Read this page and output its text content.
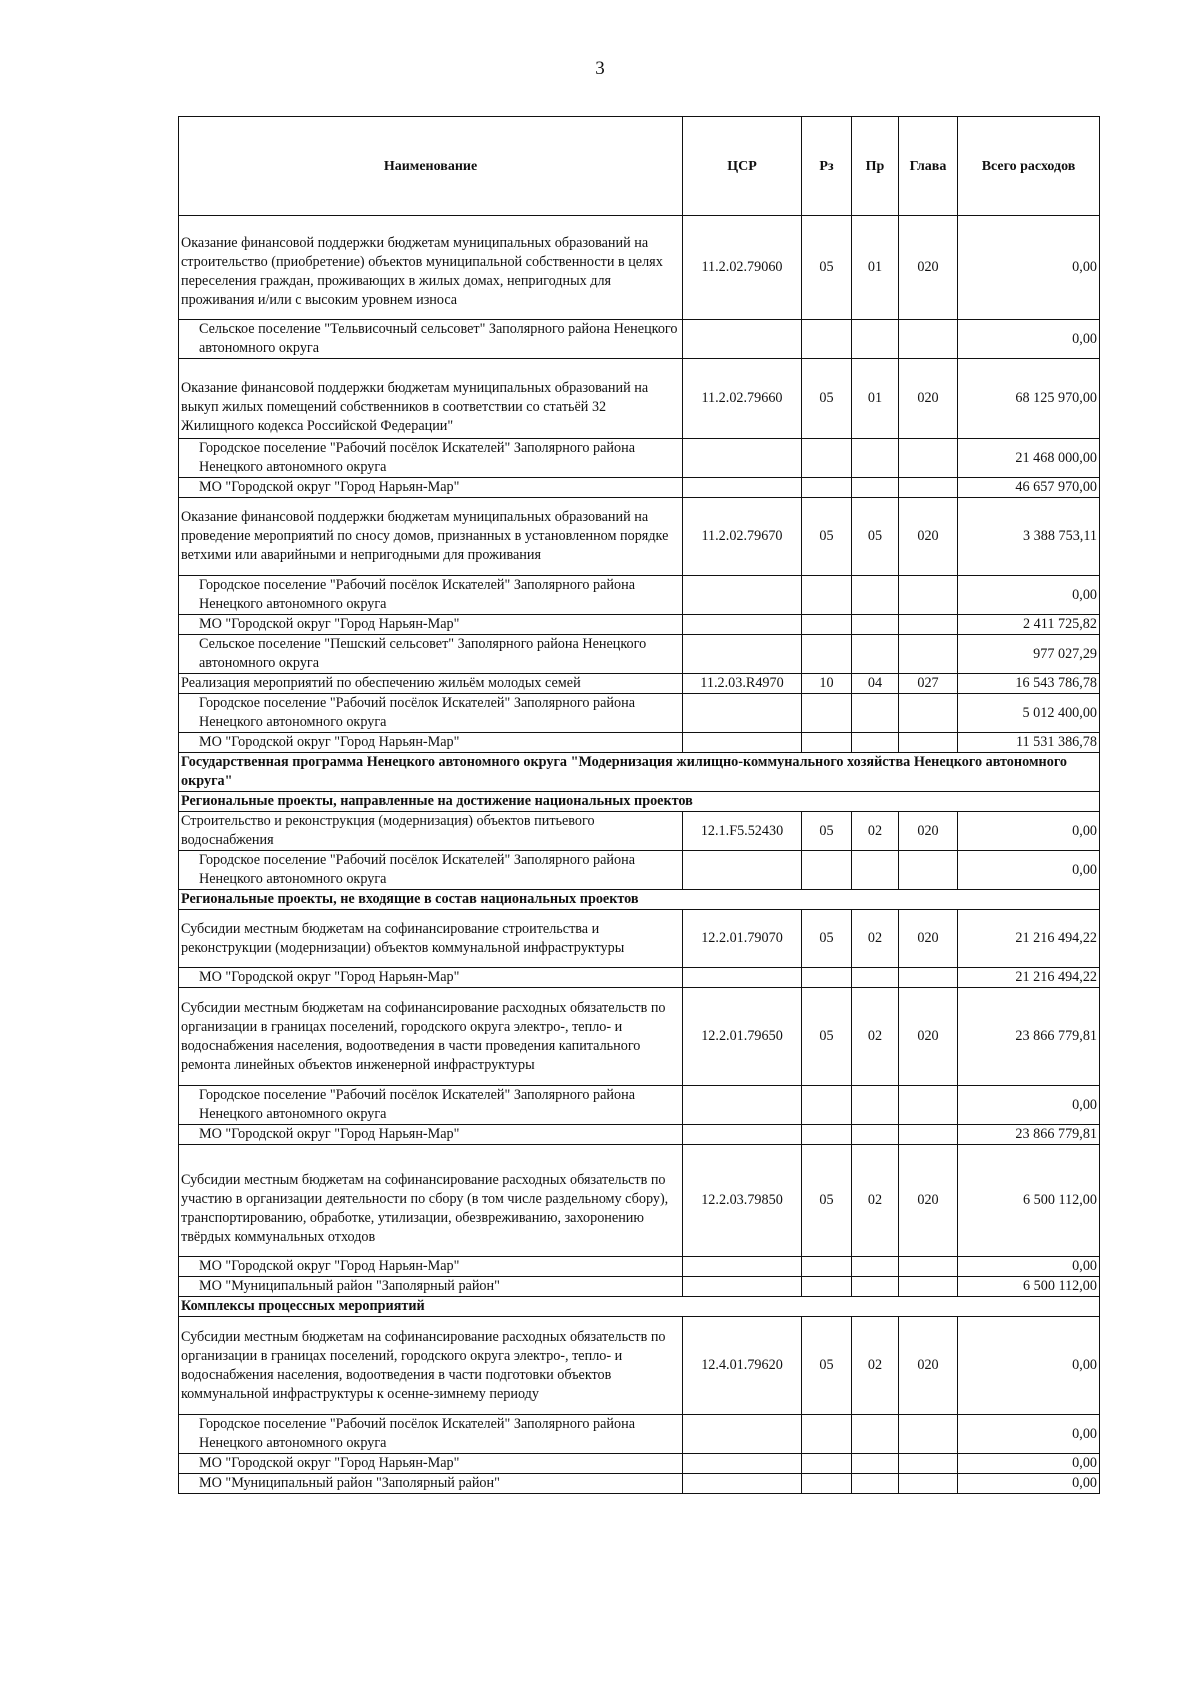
3
Наименование	ЦСР	Рз	Пр	Глава	Всего расходов
Оказание финансовой поддержки бюджетам муниципальных образований на строительство (приобретение) объектов муниципальной собственности в целях переселения граждан, проживающих в жилых домах, непригодных для проживания и/или с высоким уровнем износа	11.2.02.79060	05	01	020	0,00
Сельское поселение "Тельвисочный сельсовет" Заполярного района Ненецкого автономного округа					0,00
Оказание финансовой поддержки бюджетам муниципальных образований на выкуп жилых помещений собственников в соответствии со статьёй 32 Жилищного кодекса Российской Федерации"	11.2.02.79660	05	01	020	68 125 970,00
Городское поселение "Рабочий посёлок Искателей" Заполярного района Ненецкого автономного округа					21 468 000,00
МО "Городской округ "Город Нарьян-Мар"					46 657 970,00
Оказание финансовой поддержки бюджетам муниципальных образований на проведение мероприятий по сносу домов, признанных в установленном порядке ветхими или аварийными и непригодными для проживания	11.2.02.79670	05	05	020	3 388 753,11
Городское поселение "Рабочий посёлок Искателей" Заполярного района Ненецкого автономного округа					0,00
МО "Городской округ "Город Нарьян-Мар"					2 411 725,82
Сельское поселение "Пешский сельсовет" Заполярного района Ненецкого автономного округа					977 027,29
Реализация мероприятий по обеспечению жильём молодых семей	11.2.03.R4970	10	04	027	16 543 786,78
Городское поселение "Рабочий посёлок Искателей" Заполярного района Ненецкого автономного округа					5 012 400,00
МО "Городской округ "Город Нарьян-Мар"					11 531 386,78
Государственная программа Ненецкого автономного округа "Модернизация жилищно-коммунального хозяйства Ненецкого автономного округа"					
Региональные проекты, направленные на достижение национальных проектов					
Строительство и реконструкция (модернизация) объектов питьевого водоснабжения	12.1.F5.52430	05	02	020	0,00
Городское поселение "Рабочий посёлок Искателей" Заполярного района Ненецкого автономного округа					0,00
Региональные проекты, не входящие в состав национальных проектов					
Субсидии местным бюджетам на софинансирование строительства и реконструкции (модернизации) объектов коммунальной инфраструктуры	12.2.01.79070	05	02	020	21 216 494,22
МО "Городской округ "Город Нарьян-Мар"					21 216 494,22
Субсидии местным бюджетам на софинансирование расходных обязательств по организации в границах поселений, городского округа электро-, тепло- и водоснабжения населения, водоотведения в части проведения капитального ремонта линейных объектов инженерной инфраструктуры	12.2.01.79650	05	02	020	23 866 779,81
Городское поселение "Рабочий посёлок Искателей" Заполярного района Ненецкого автономного округа					0,00
МО "Городской округ "Город Нарьян-Мар"					23 866 779,81
Субсидии местным бюджетам на софинансирование расходных обязательств по участию в организации деятельности по сбору (в том числе раздельному сбору), транспортированию, обработке, утилизации, обезвреживанию, захоронению твёрдых коммунальных отходов	12.2.03.79850	05	02	020	6 500 112,00
МО "Городской округ "Город Нарьян-Мар"					0,00
МО "Муниципальный район "Заполярный район"					6 500 112,00
Комплексы процессных мероприятий					
Субсидии местным бюджетам на софинансирование расходных обязательств по организации в границах поселений, городского округа электро-, тепло- и водоснабжения населения, водоотведения в части подготовки объектов коммунальной инфраструктуры к осенне-зимнему периоду	12.4.01.79620	05	02	020	0,00
Городское поселение "Рабочий посёлок Искателей" Заполярного района Ненецкого автономного округа					0,00
МО "Городской округ "Город Нарьян-Мар"					0,00
МО "Муниципальный район "Заполярный район"					0,00
